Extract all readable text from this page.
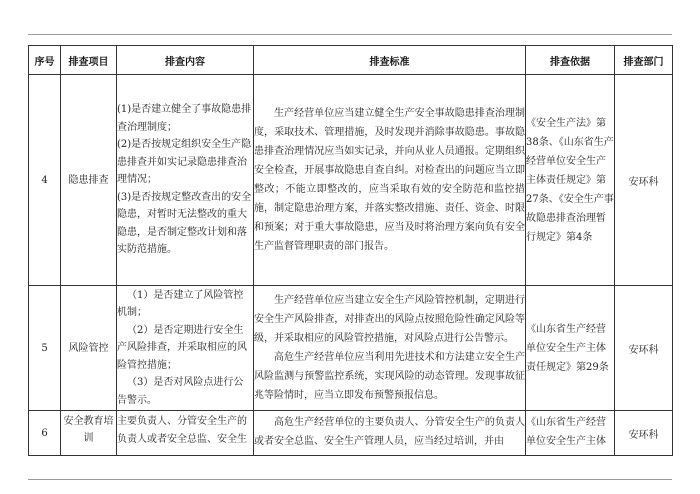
序号	排查项目	排查内容	排查标准	排查依据	排查部门
4	隐患排查	(1)是否建立健全了事故隐患排查治理制度；
(2)是否按规定组织安全生产隐患排查并如实记录隐患排查治理情况；
(3)是否按规定整改查出的安全隐患，对暂时无法整改的重大隐患，是否制定整改计划和落实防范措施。	生产经营单位应当建立健全生产安全事故隐患排查治理制度，采取技术、管理措施，及时发现并消除事故隐患。事故隐患排查治理情况应当如实记录，并向从业人员通报。定期组织安全检查，开展事故隐患自查自纠。对检查出的问题应当立即整改；不能立即整改的，应当采取有效的安全防范和监控措施，制定隐患治理方案，并落实整改措施、责任、资金、时限和预案；对于重大事故隐患，应当及时将治理方案向负有安全生产监督管理职责的部门报告。	《安全生产法》第38条、《山东省生产经营单位安全生产主体责任规定》第27条、《安全生产事故隐患排查治理暂行规定》第4条	安环科
5	风险管控	（1）是否建立了风险管控机制；
（2）是否定期进行安全生产风险排查，并采取相应的风险管控措施；
（3）是否对风险点进行公告警示。	生产经营单位应当建立安全生产风险管控机制，定期进行安全生产风险排查，对排查出的风险点按照危险性确定风险等级，并采取相应的风险管控措施，对风险点进行公告警示。
高危生产经营单位应当利用先进技术和方法建立安全生产风险监测与预警监控系统，实现风险的动态管理。发现事故征兆等险情时，应当立即发布预警预报信息。	《山东省生产经营单位安全生产主体责任规定》第29条	安环科
6	安全教育培训	主要负责人、分管安全生产的负责人或者安全总监、安全生	高危生产经营单位的主要负责人、分管安全生产的负责人或者安全总监、安全生产管理人员，应当经过培训，并由	《山东省生产经营单位安全生产主体	安环科
